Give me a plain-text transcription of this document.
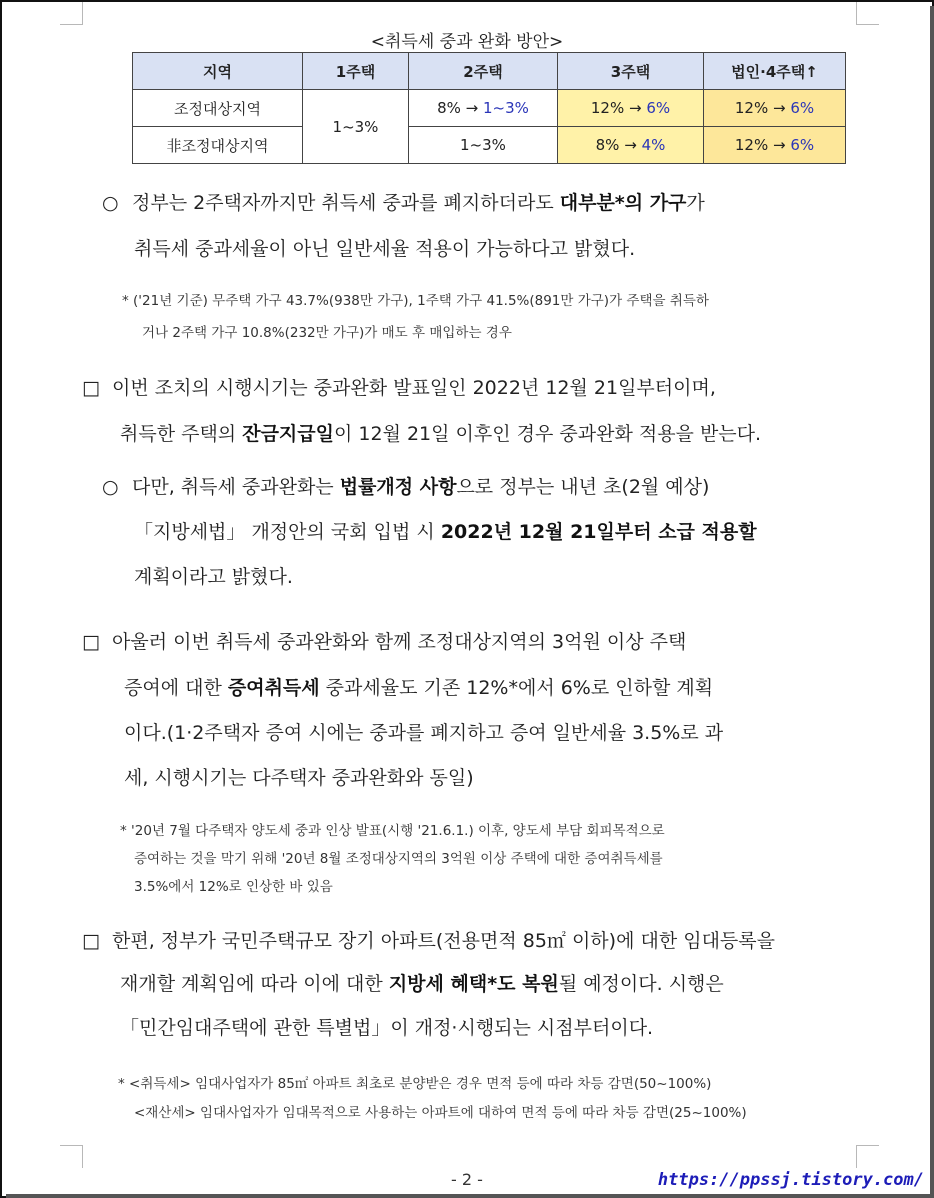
<취득세 중과 완화 방안>
지역	1주택	2주택	3주택	법인·4주택↑
조정대상지역	1~3%	8% → 1~3%	12% → 6%	12% → 6%
非조정대상지역		1~3%	8% → 4%	12% → 6%
○ 정부는 2주택자까지만 취득세 중과를 폐지하더라도 대부분*의 가구가
취득세 중과세율이 아닌 일반세율 적용이 가능하다고 밝혔다.
* ('21년 기준) 무주택 가구 43.7%(938만 가구), 1주택 가구 41.5%(891만 가구)가 주택을 취득하
거나 2주택 가구 10.8%(232만 가구)가 매도 후 매입하는 경우
□ 이번 조치의 시행시기는 중과완화 발표일인 2022년 12월 21일부터이며,
취득한 주택의 잔금지급일이 12월 21일 이후인 경우 중과완화 적용을 받는다.
○ 다만, 취득세 중과완화는 법률개정 사항으로 정부는 내년 초(2월 예상)
「지방세법」 개정안의 국회 입법 시 2022년 12월 21일부터 소급 적용할
계획이라고 밝혔다.
□ 아울러 이번 취득세 중과완화와 함께 조정대상지역의 3억원 이상 주택
증여에 대한 증여취득세 중과세율도 기존 12%*에서 6%로 인하할 계획
이다.(1·2주택자 증여 시에는 중과를 폐지하고 증여 일반세율 3.5%로 과
세, 시행시기는 다주택자 중과완화와 동일)
* '20년 7월 다주택자 양도세 중과 인상 발표(시행 '21.6.1.) 이후, 양도세 부담 회피목적으로
증여하는 것을 막기 위해 '20년 8월 조정대상지역의 3억원 이상 주택에 대한 증여취득세를
3.5%에서 12%로 인상한 바 있음
□ 한편, 정부가 국민주택규모 장기 아파트(전용면적 85㎡ 이하)에 대한 임대등록을
재개할 계획임에 따라 이에 대한 지방세 혜택*도 복원될 예정이다. 시행은
「민간임대주택에 관한 특별법」이 개정·시행되는 시점부터이다.
* <취득세> 임대사업자가 85㎡ 아파트 최초로 분양받은 경우 면적 등에 따라 차등 감면(50~100%)
<재산세> 임대사업자가 임대목적으로 사용하는 아파트에 대하여 면적 등에 따라 차등 감면(25~100%)
- 2 -	https://ppssj.tistory.com/
